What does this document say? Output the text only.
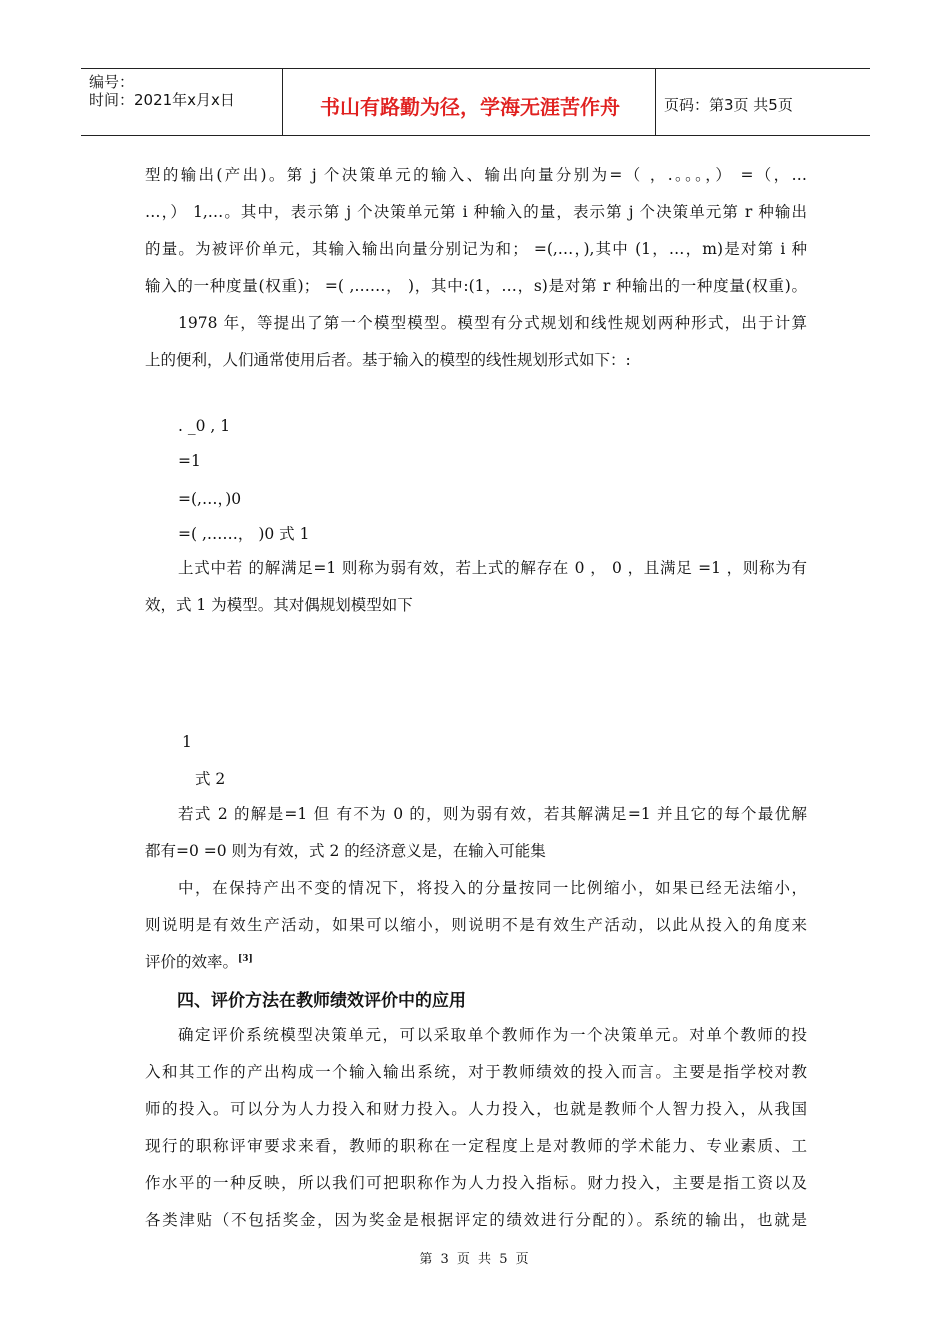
编号：
时间：2021年x月x日	书山有路勤为径，学海无涯苦作舟	页码：第3页 共5页
型的输出(产出)。第 j 个决策单元的输入、输出向量分别为=（ ，.。。。，） =（，…
…，） 1,…。其中，表示第 j 个决策单元第 i 种输入的量，表示第 j 个决策单元第 r 种输出
的量。为被评价单元，其输入输出向量分别记为和； =(,…，),其中 (1，…，m)是对第 i 种
输入的一种度量(权重)； =( ,……， )，其中:(1，…，s)是对第 r 种输出的一种度量(权重)。
1978 年，等提出了第一个模型模型。模型有分式规划和线性规划两种形式，出于计算
上的便利，人们通常使用后者。基于输入的模型的线性规划形式如下：:
. _0 , 1
=1
=(,…，)0
=( ,……， )0 式 1
上式中若 的解满足=1 则称为弱有效，若上式的解存在 0 ， 0 ，且满足 =1 ，则称为有
效，式 1 为模型。其对偶规划模型如下
1
式 2
若式 2 的解是=1 但 有不为 0 的，则为弱有效，若其解满足=1 并且它的每个最优解
都有=0 =0 则为有效，式 2 的经济意义是，在输入可能集
中，在保持产出不变的情况下，将投入的分量按同一比例缩小，如果已经无法缩小，
则说明是有效生产活动，如果可以缩小，则说明不是有效生产活动，以此从投入的角度来
评价的效率。[3]
四、评价方法在教师绩效评价中的应用
确定评价系统模型决策单元，可以采取单个教师作为一个决策单元。对单个教师的投
入和其工作的产出构成一个输入输出系统，对于教师绩效的投入而言。主要是指学校对教
师的投入。可以分为人力投入和财力投入。人力投入，也就是教师个人智力投入，从我国
现行的职称评审要求来看，教师的职称在一定程度上是对教师的学术能力、专业素质、工
作水平的一种反映，所以我们可把职称作为人力投入指标。财力投入，主要是指工资以及
各类津贴（不包括奖金，因为奖金是根据评定的绩效进行分配的）。系统的输出，也就是
第 3 页 共 5 页
